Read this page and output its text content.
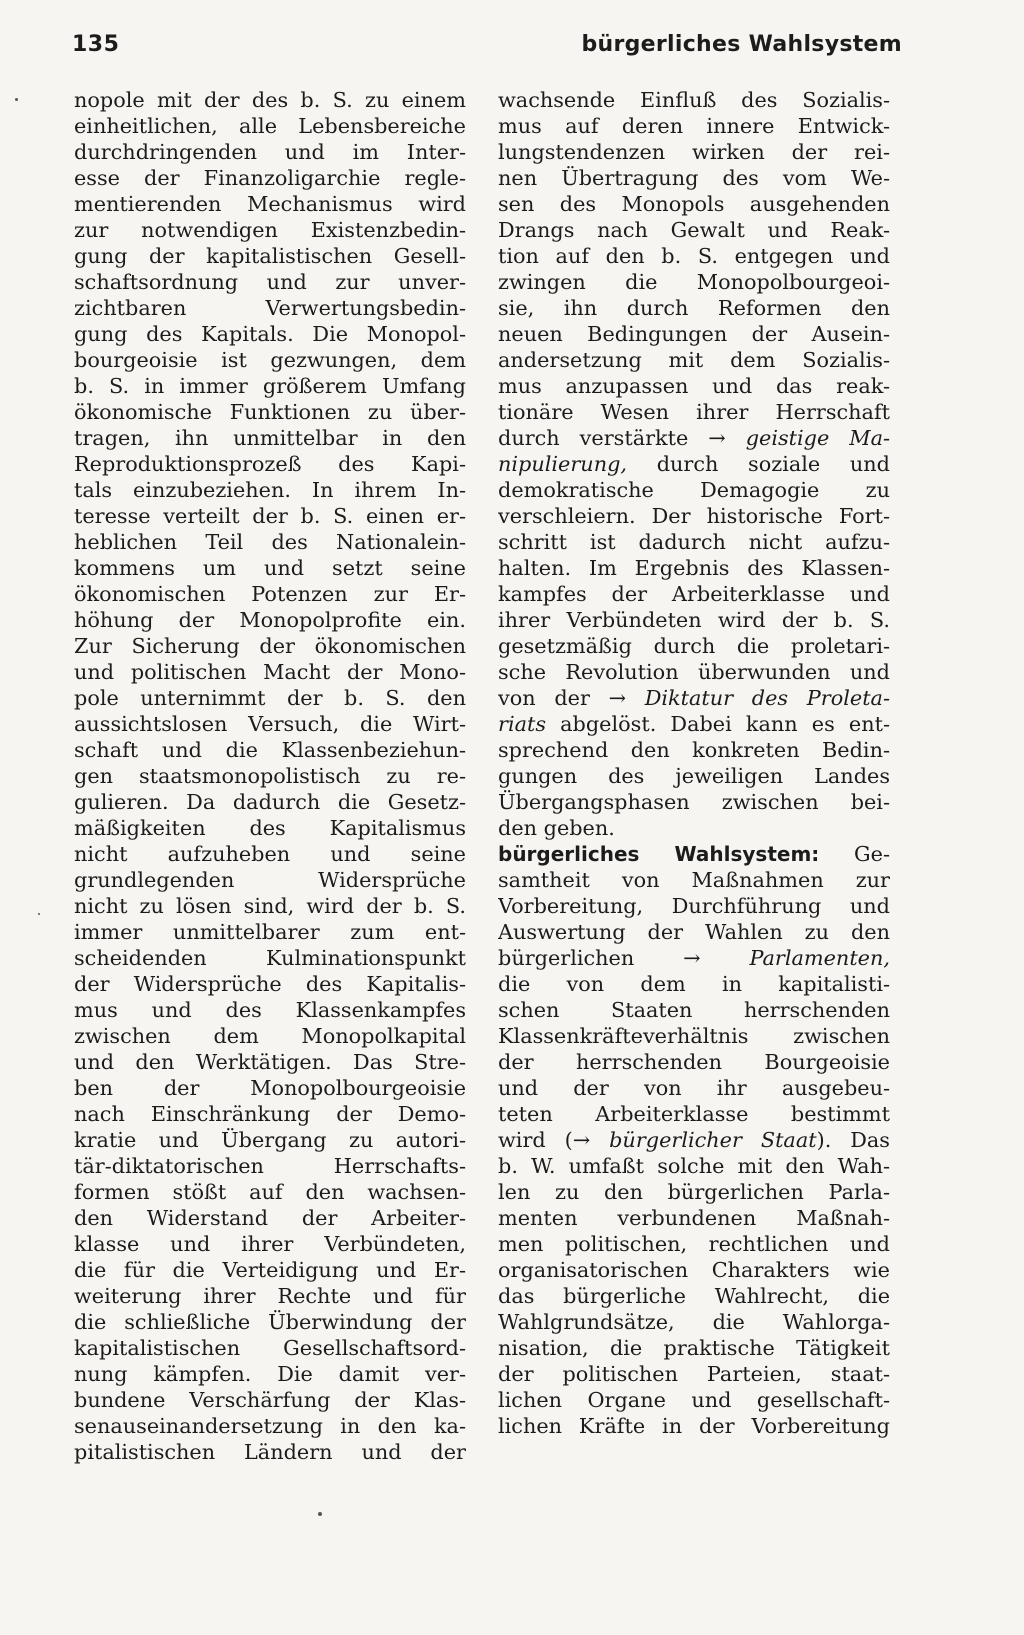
135	bürgerliches Wahlsystem
nopole mit der des b. S. zu einem
einheitlichen, alle Lebensbereiche
durchdringenden und im Inter-
esse der Finanzoligarchie regle-
mentierenden Mechanismus wird
zur notwendigen Existenzbedin-
gung der kapitalistischen Gesell-
schaftsordnung und zur unver-
zichtbaren Verwertungsbedin-
gung des Kapitals. Die Monopol-
bourgeoisie ist gezwungen, dem
b. S. in immer größerem Umfang
ökonomische Funktionen zu über-
tragen, ihn unmittelbar in den
Reproduktionsprozeß des Kapi-
tals einzubeziehen. In ihrem In-
teresse verteilt der b. S. einen er-
heblichen Teil des Nationalein-
kommens um und setzt seine
ökonomischen Potenzen zur Er-
höhung der Monopolprofite ein.
Zur Sicherung der ökonomischen
und politischen Macht der Mono-
pole unternimmt der b. S. den
aussichtslosen Versuch, die Wirt-
schaft und die Klassenbeziehun-
gen staatsmonopolistisch zu re-
gulieren. Da dadurch die Gesetz-
mäßigkeiten des Kapitalismus
nicht aufzuheben und seine
grundlegenden Widersprüche
nicht zu lösen sind, wird der b. S.
immer unmittelbarer zum ent-
scheidenden Kulminationspunkt
der Widersprüche des Kapitalis-
mus und des Klassenkampfes
zwischen dem Monopolkapital
und den Werktätigen. Das Stre-
ben der Monopolbourgeoisie
nach Einschränkung der Demo-
kratie und Übergang zu autori-
tär-diktatorischen Herrschafts-
formen stößt auf den wachsen-
den Widerstand der Arbeiter-
klasse und ihrer Verbündeten,
die für die Verteidigung und Er-
weiterung ihrer Rechte und für
die schließliche Überwindung der
kapitalistischen Gesellschaftsord-
nung kämpfen. Die damit ver-
bundene Verschärfung der Klas-
senauseinandersetzung in den ka-
pitalistischen Ländern und der
wachsende Einfluß des Sozialis-
mus auf deren innere Entwick-
lungstendenzen wirken der rei-
nen Übertragung des vom We-
sen des Monopols ausgehenden
Drangs nach Gewalt und Reak-
tion auf den b. S. entgegen und
zwingen die Monopolbourgeoi-
sie, ihn durch Reformen den
neuen Bedingungen der Ausein-
andersetzung mit dem Sozialis-
mus anzupassen und das reak-
tionäre Wesen ihrer Herrschaft
durch verstärkte → geistige Ma-
nipulierung, durch soziale und
demokratische Demagogie zu
verschleiern. Der historische Fort-
schritt ist dadurch nicht aufzu-
halten. Im Ergebnis des Klassen-
kampfes der Arbeiterklasse und
ihrer Verbündeten wird der b. S.
gesetzmäßig durch die proletari-
sche Revolution überwunden und
von der → Diktatur des Proleta-
riats abgelöst. Dabei kann es ent-
sprechend den konkreten Bedin-
gungen des jeweiligen Landes
Übergangsphasen zwischen bei-
den geben.
bürgerliches Wahlsystem: Ge-
samtheit von Maßnahmen zur
Vorbereitung, Durchführung und
Auswertung der Wahlen zu den
bürgerlichen → Parlamenten,
die von dem in kapitalisti-
schen Staaten herrschenden
Klassenkräfteverhältnis zwischen
der herrschenden Bourgeoisie
und der von ihr ausgebeu-
teten Arbeiterklasse bestimmt
wird (→ bürgerlicher Staat). Das
b. W. umfaßt solche mit den Wah-
len zu den bürgerlichen Parla-
menten verbundenen Maßnah-
men politischen, rechtlichen und
organisatorischen Charakters wie
das bürgerliche Wahlrecht, die
Wahlgrundsätze, die Wahlorga-
nisation, die praktische Tätigkeit
der politischen Parteien, staat-
lichen Organe und gesellschaft-
lichen Kräfte in der Vorbereitung
